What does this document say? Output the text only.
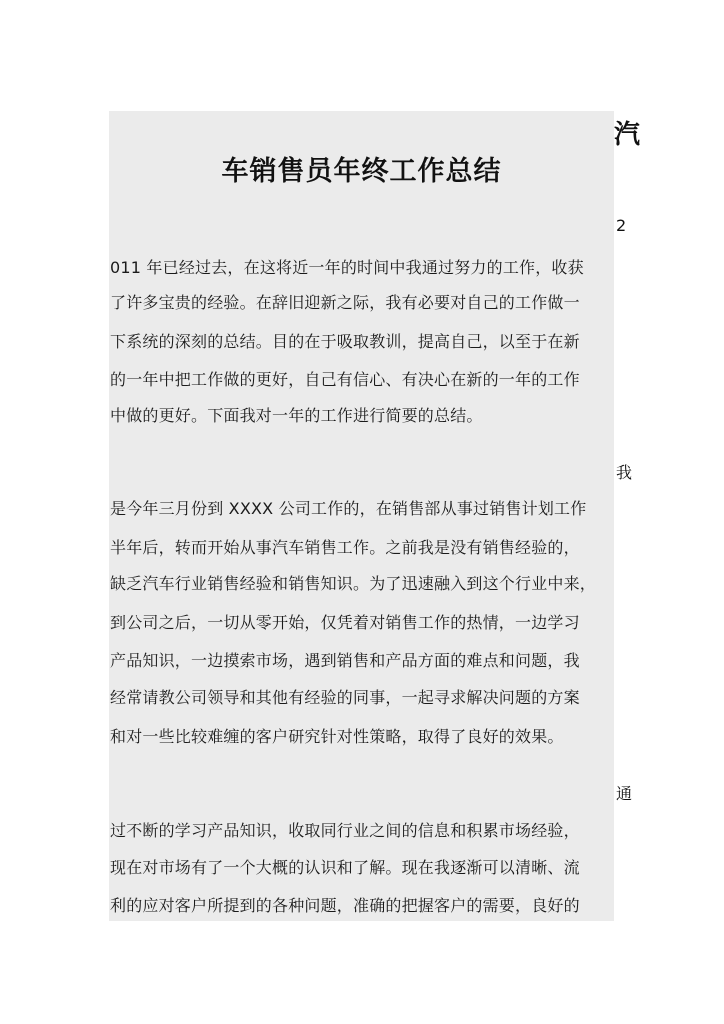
汽
车销售员年终工作总结
2
011 年已经过去，在这将近一年的时间中我通过努力的工作，收获
了许多宝贵的经验。在辞旧迎新之际，我有必要对自己的工作做一
下系统的深刻的总结。目的在于吸取教训，提高自己，以至于在新
的一年中把工作做的更好，自己有信心、有决心在新的一年的工作
中做的更好。下面我对一年的工作进行简要的总结。
我
是今年三月份到 XXXX 公司工作的，在销售部从事过销售计划工作
半年后，转而开始从事汽车销售工作。之前我是没有销售经验的，
缺乏汽车行业销售经验和销售知识。为了迅速融入到这个行业中来，
到公司之后，一切从零开始，仅凭着对销售工作的热情，一边学习
产品知识，一边摸索市场，遇到销售和产品方面的难点和问题，我
经常请教公司领导和其他有经验的同事，一起寻求解决问题的方案
和对一些比较难缠的客户研究针对性策略，取得了良好的效果。
通
过不断的学习产品知识，收取同行业之间的信息和积累市场经验，
现在对市场有了一个大概的认识和了解。现在我逐渐可以清晰、流
利的应对客户所提到的各种问题，准确的把握客户的需要，良好的
